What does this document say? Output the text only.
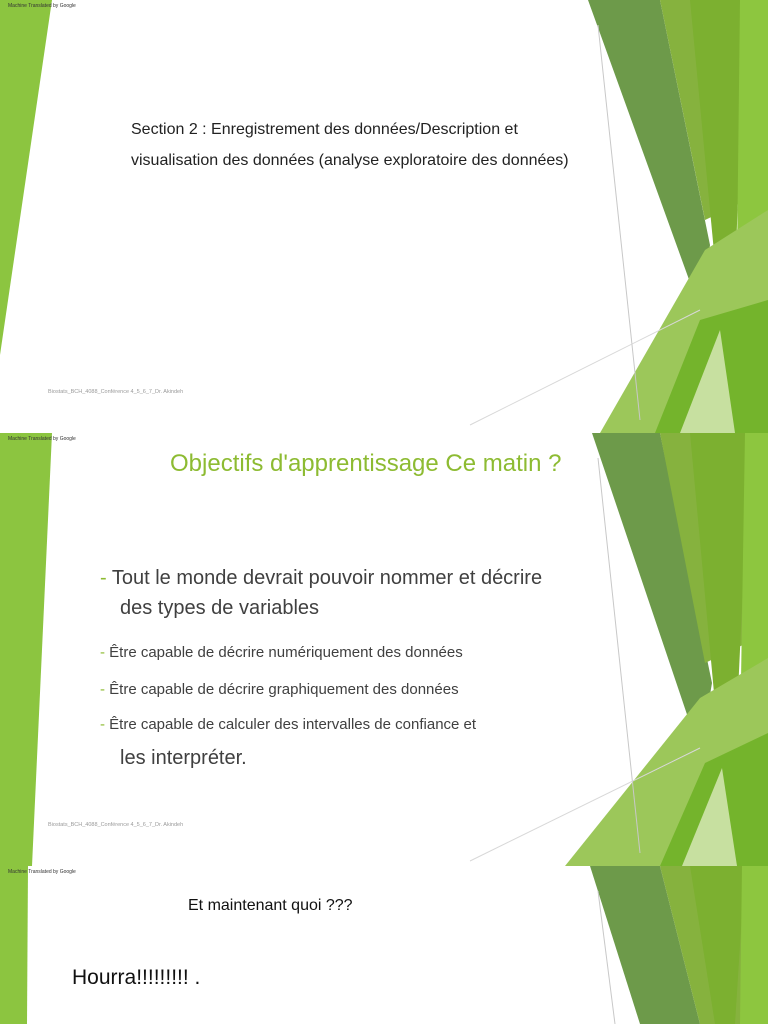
Machine Translated by Google
Section 2 : Enregistrement des données/Description et
visualisation des données (analyse exploratoire des données)
Biostats_BCH_4088_Conférence 4_5_6_7_Dr. Akindeh
Machine Translated by Google
Objectifs d'apprentissage Ce matin ?
- Tout le monde devrait pouvoir nommer et décrire
des types de variables
- Être capable de décrire numériquement des données
- Être capable de décrire graphiquement des données
- Être capable de calculer des intervalles de confiance et
les interpréter.
Biostats_BCH_4088_Conférence 4_5_6_7_Dr. Akindeh
Machine Translated by Google
Et maintenant quoi ???
Hourra!!!!!!!!! .
